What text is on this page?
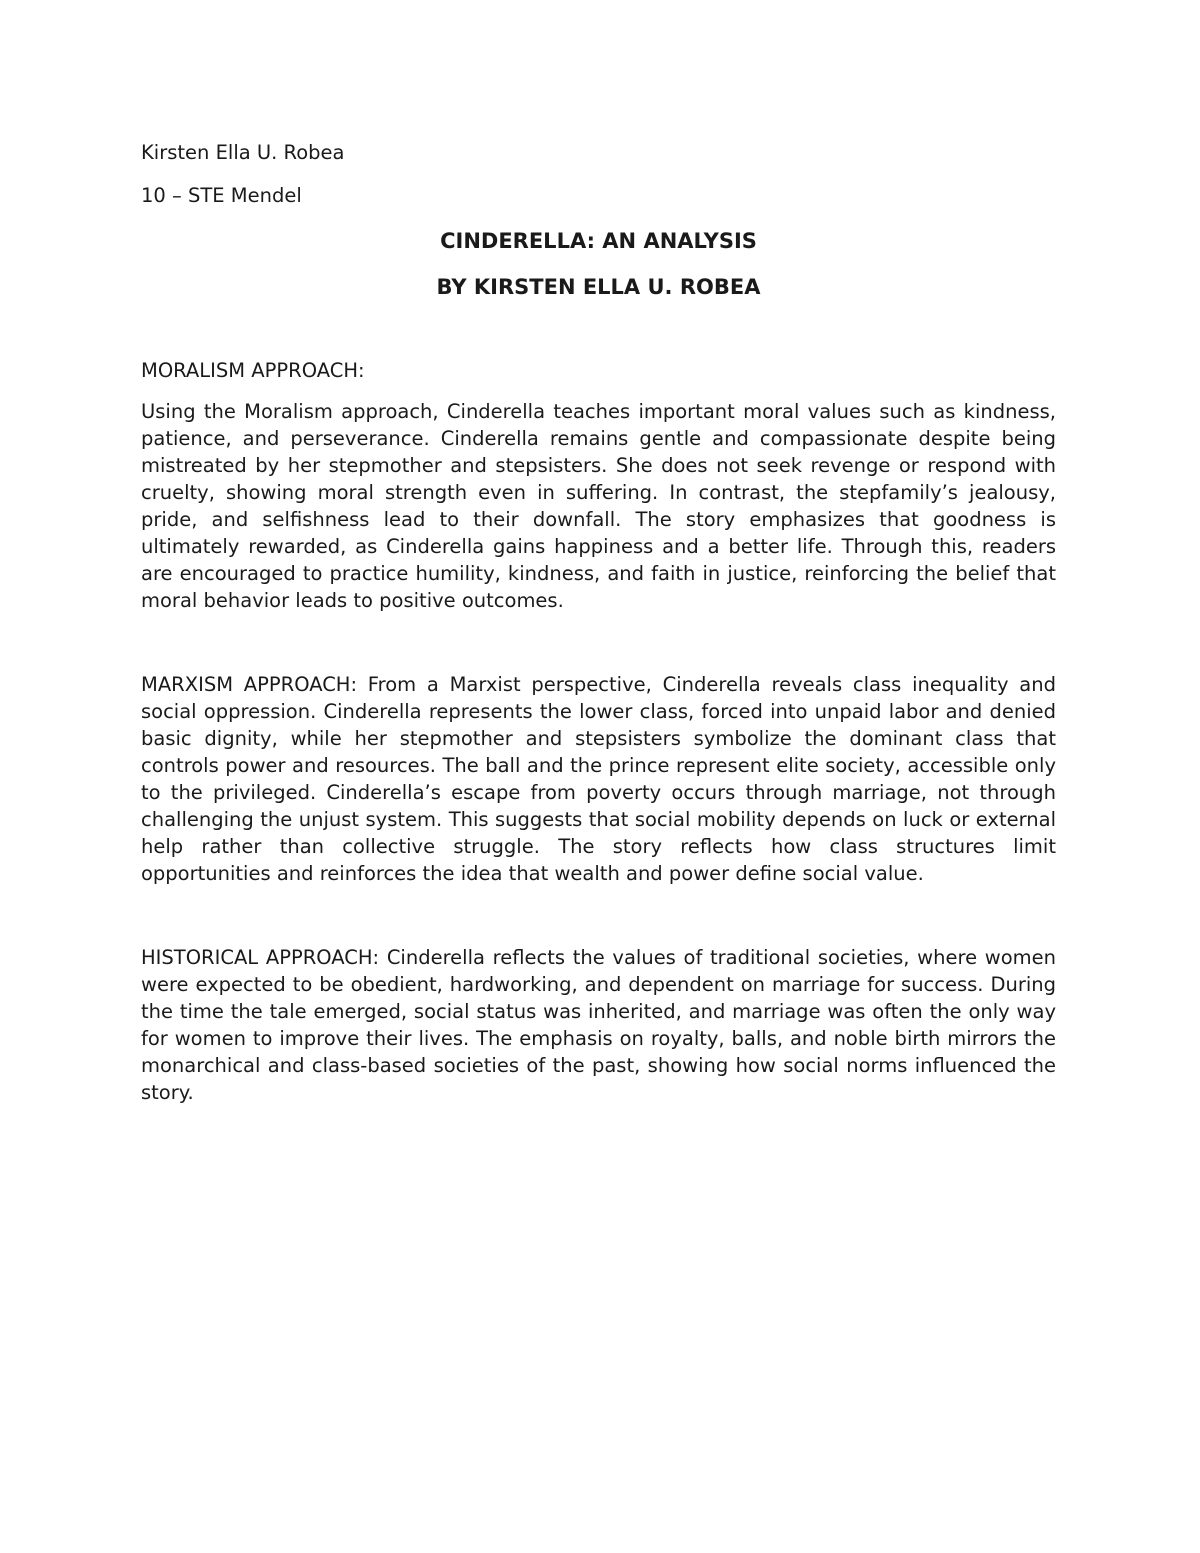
Kirsten Ella U. Robea

10 – STE Mendel

CINDERELLA: AN ANALYSIS

BY KIRSTEN ELLA U. ROBEA

MORALISM APPROACH:

Using the Moralism approach, Cinderella teaches important moral values such as kindness, patience, and perseverance. Cinderella remains gentle and compassionate despite being mistreated by her stepmother and stepsisters. She does not seek revenge or respond with cruelty, showing moral strength even in suffering. In contrast, the stepfamily’s jealousy, pride, and selfishness lead to their downfall. The story emphasizes that goodness is ultimately rewarded, as Cinderella gains happiness and a better life. Through this, readers are encouraged to practice humility, kindness, and faith in justice, reinforcing the belief that moral behavior leads to positive outcomes.

MARXISM APPROACH: From a Marxist perspective, Cinderella reveals class inequality and social oppression. Cinderella represents the lower class, forced into unpaid labor and denied basic dignity, while her stepmother and stepsisters symbolize the dominant class that controls power and resources. The ball and the prince represent elite society, accessible only to the privileged. Cinderella’s escape from poverty occurs through marriage, not through challenging the unjust system. This suggests that social mobility depends on luck or external help rather than collective struggle. The story reflects how class structures limit opportunities and reinforces the idea that wealth and power define social value.

HISTORICAL APPROACH: Cinderella reflects the values of traditional societies, where women were expected to be obedient, hardworking, and dependent on marriage for success. During the time the tale emerged, social status was inherited, and marriage was often the only way for women to improve their lives. The emphasis on royalty, balls, and noble birth mirrors the monarchical and class-based societies of the past, showing how social norms influenced the story.
